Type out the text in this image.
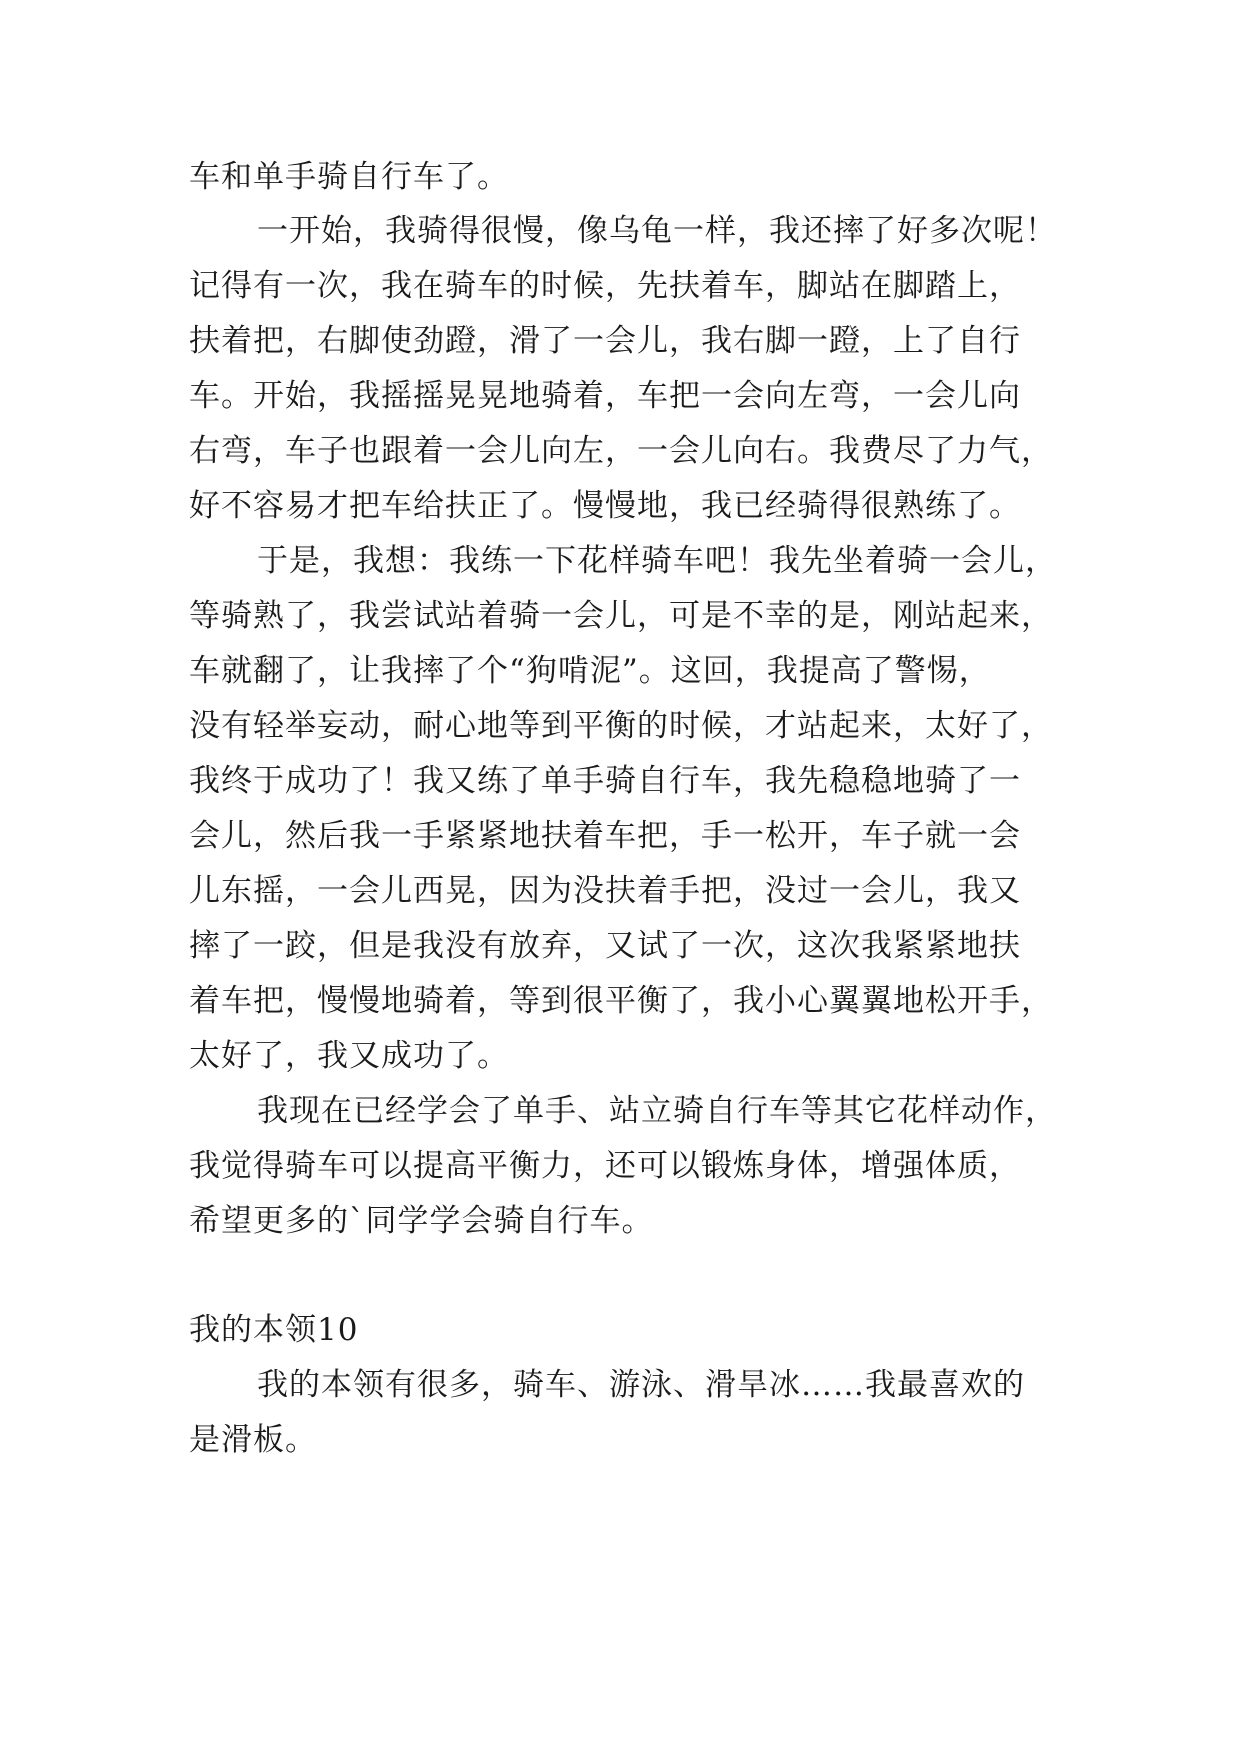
车和单手骑自行车了。
一开始，我骑得很慢，像乌龟一样，我还摔了好多次呢！
记得有一次，我在骑车的时候，先扶着车，脚站在脚踏上，
扶着把，右脚使劲蹬，滑了一会儿，我右脚一蹬，上了自行
车。开始，我摇摇晃晃地骑着，车把一会向左弯，一会儿向
右弯，车子也跟着一会儿向左，一会儿向右。我费尽了力气，
好不容易才把车给扶正了。慢慢地，我已经骑得很熟练了。
于是，我想：我练一下花样骑车吧！我先坐着骑一会儿，
等骑熟了，我尝试站着骑一会儿，可是不幸的是，刚站起来，
车就翻了，让我摔了个“狗啃泥”。这回，我提高了警惕，
没有轻举妄动，耐心地等到平衡的时候，才站起来，太好了，
我终于成功了！我又练了单手骑自行车，我先稳稳地骑了一
会儿，然后我一手紧紧地扶着车把，手一松开，车子就一会
儿东摇，一会儿西晃，因为没扶着手把，没过一会儿，我又
摔了一跤，但是我没有放弃，又试了一次，这次我紧紧地扶
着车把，慢慢地骑着，等到很平衡了，我小心翼翼地松开手，
太好了，我又成功了。
我现在已经学会了单手、站立骑自行车等其它花样动作，
我觉得骑车可以提高平衡力，还可以锻炼身体，增强体质，
希望更多的`同学学会骑自行车。
我的本领10
我的本领有很多，骑车、游泳、滑旱冰……我最喜欢的
是滑板。
